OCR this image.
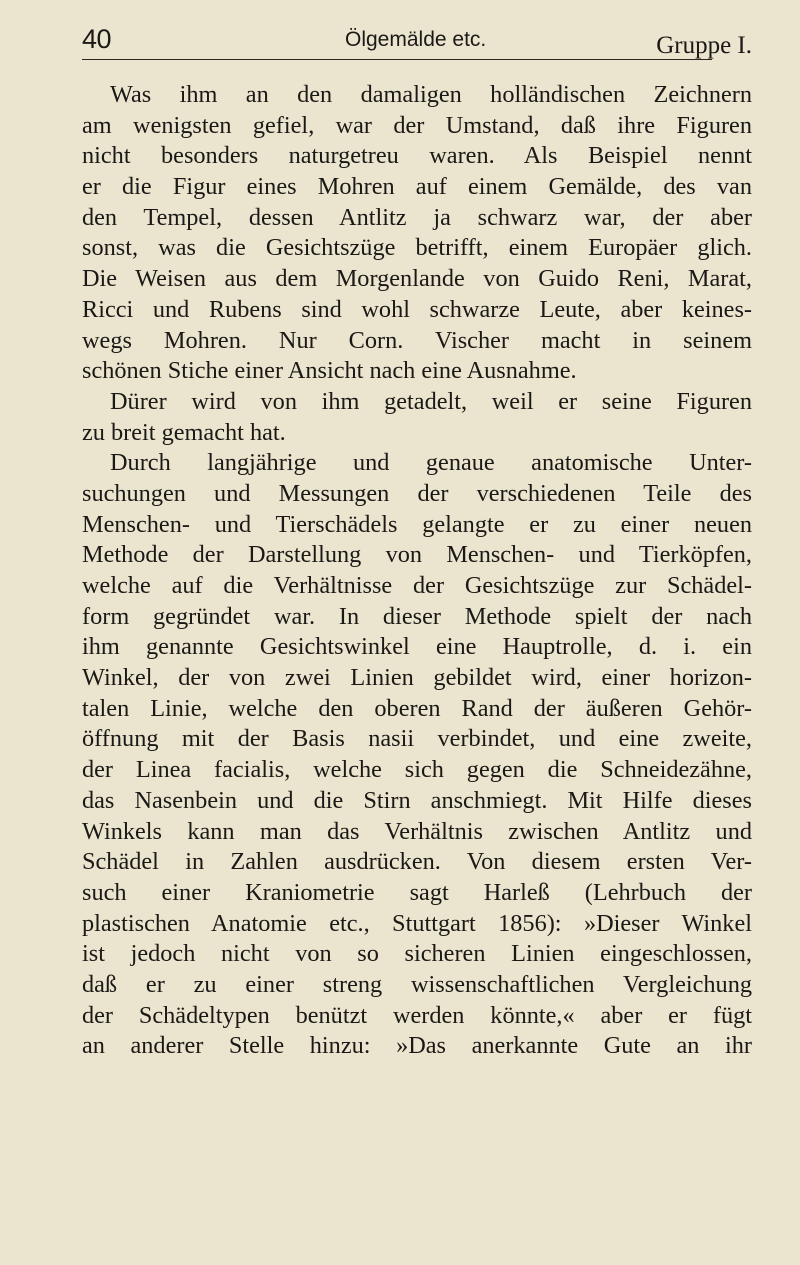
40	Ölgemälde etc.	Gruppe I.
Was ihm an den damaligen holländischen Zeichnern
am wenigsten gefiel, war der Umstand, daß ihre Figuren
nicht besonders naturgetreu waren. Als Beispiel nennt
er die Figur eines Mohren auf einem Gemälde, des van
den Tempel, dessen Antlitz ja schwarz war, der aber
sonst, was die Gesichtszüge betrifft, einem Europäer glich.
Die Weisen aus dem Morgenlande von Guido Reni, Marat,
Ricci und Rubens sind wohl schwarze Leute, aber keines-
wegs Mohren. Nur Corn. Vischer macht in seinem
schönen Stiche einer Ansicht nach eine Ausnahme.
Dürer wird von ihm getadelt, weil er seine Figuren
zu breit gemacht hat.
Durch langjährige und genaue anatomische Unter-
suchungen und Messungen der verschiedenen Teile des
Menschen- und Tierschädels gelangte er zu einer neuen
Methode der Darstellung von Menschen- und Tierköpfen,
welche auf die Verhältnisse der Gesichtszüge zur Schädel-
form gegründet war. In dieser Methode spielt der nach
ihm genannte Gesichtswinkel eine Hauptrolle, d. i. ein
Winkel, der von zwei Linien gebildet wird, einer horizon-
talen Linie, welche den oberen Rand der äußeren Gehör-
öffnung mit der Basis nasii verbindet, und eine zweite,
der Linea facialis, welche sich gegen die Schneidezähne,
das Nasenbein und die Stirn anschmiegt. Mit Hilfe dieses
Winkels kann man das Verhältnis zwischen Antlitz und
Schädel in Zahlen ausdrücken. Von diesem ersten Ver-
such einer Kraniometrie sagt Harleß (Lehrbuch der
plastischen Anatomie etc., Stuttgart 1856): »Dieser Winkel
ist jedoch nicht von so sicheren Linien eingeschlossen,
daß er zu einer streng wissenschaftlichen Vergleichung
der Schädeltypen benützt werden könnte,« aber er fügt
an anderer Stelle hinzu: »Das anerkannte Gute an ihr
